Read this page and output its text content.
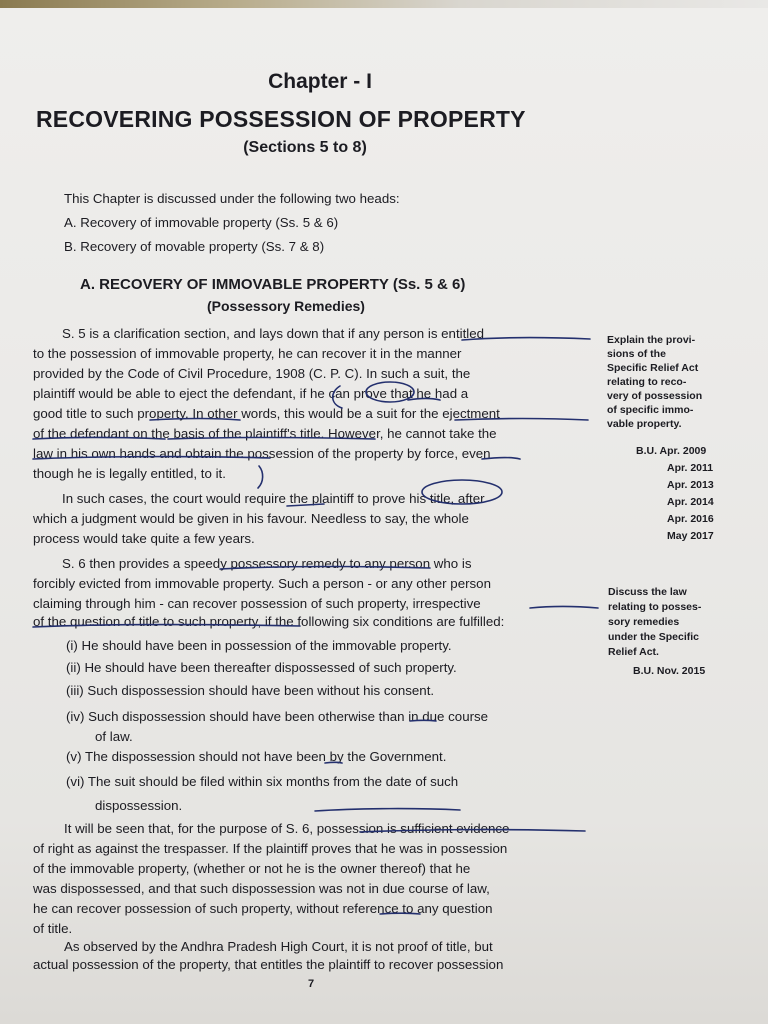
Chapter - I
RECOVERING POSSESSION OF PROPERTY
(Sections 5 to 8)
This Chapter is discussed under the following two heads:
A. Recovery of immovable property (Ss. 5 & 6)
B. Recovery of movable property (Ss. 7 & 8)
A. RECOVERY OF IMMOVABLE PROPERTY (Ss. 5 & 6)
(Possessory Remedies)
S. 5 is a clarification section, and lays down that if any person is entitled
to the possession of immovable property, he can recover it in the manner
provided by the Code of Civil Procedure, 1908 (C. P. C). In such a suit, the
plaintiff would be able to eject the defendant, if he can prove that he had a
good title to such property. In other words, this would be a suit for the ejectment
of the defendant on the basis of the plaintiff's title. However, he cannot take the
law in his own hands and obtain the possession of the property by force, even
though he is legally entitled, to it.
In such cases, the court would require the plaintiff to prove his title, after
which a judgment would be given in his favour. Needless to say, the whole
process would take quite a few years.
S. 6 then provides a speedy possessory remedy to any person who is
forcibly evicted from immovable property. Such a person - or any other person
claiming through him - can recover possession of such property, irrespective
of the question of title to such property, if the following six conditions are fulfilled:
(i) He should have been in possession of the immovable property.
(ii) He should have been thereafter dispossessed of such property.
(iii) Such dispossession should have been without his consent.
(iv) Such dispossession should have been otherwise than in due course
of law.
(v) The dispossession should not have been by the Government.
(vi) The suit should be filed within six months from the date of such
dispossession.
It will be seen that, for the purpose of S. 6, possession is sufficient evidence
of right as against the trespasser. If the plaintiff proves that he was in possession
of the immovable property, (whether or not he is the owner thereof) that he
was dispossessed, and that such dispossession was not in due course of law,
he can recover possession of such property, without reference to any question
of title.
As observed by the Andhra Pradesh High Court, it is not proof of title, but
actual possession of the property, that entitles the plaintiff to recover possession
Explain the provi-
sions of the
Specific Relief Act
relating to reco-
very of possession
of specific immo-
vable property.
B.U. Apr. 2009
Apr. 2011
Apr. 2013
Apr. 2014
Apr. 2016
May 2017
Discuss the law
relating to posses-
sory remedies
under the Specific
Relief Act.
B.U. Nov. 2015
7
